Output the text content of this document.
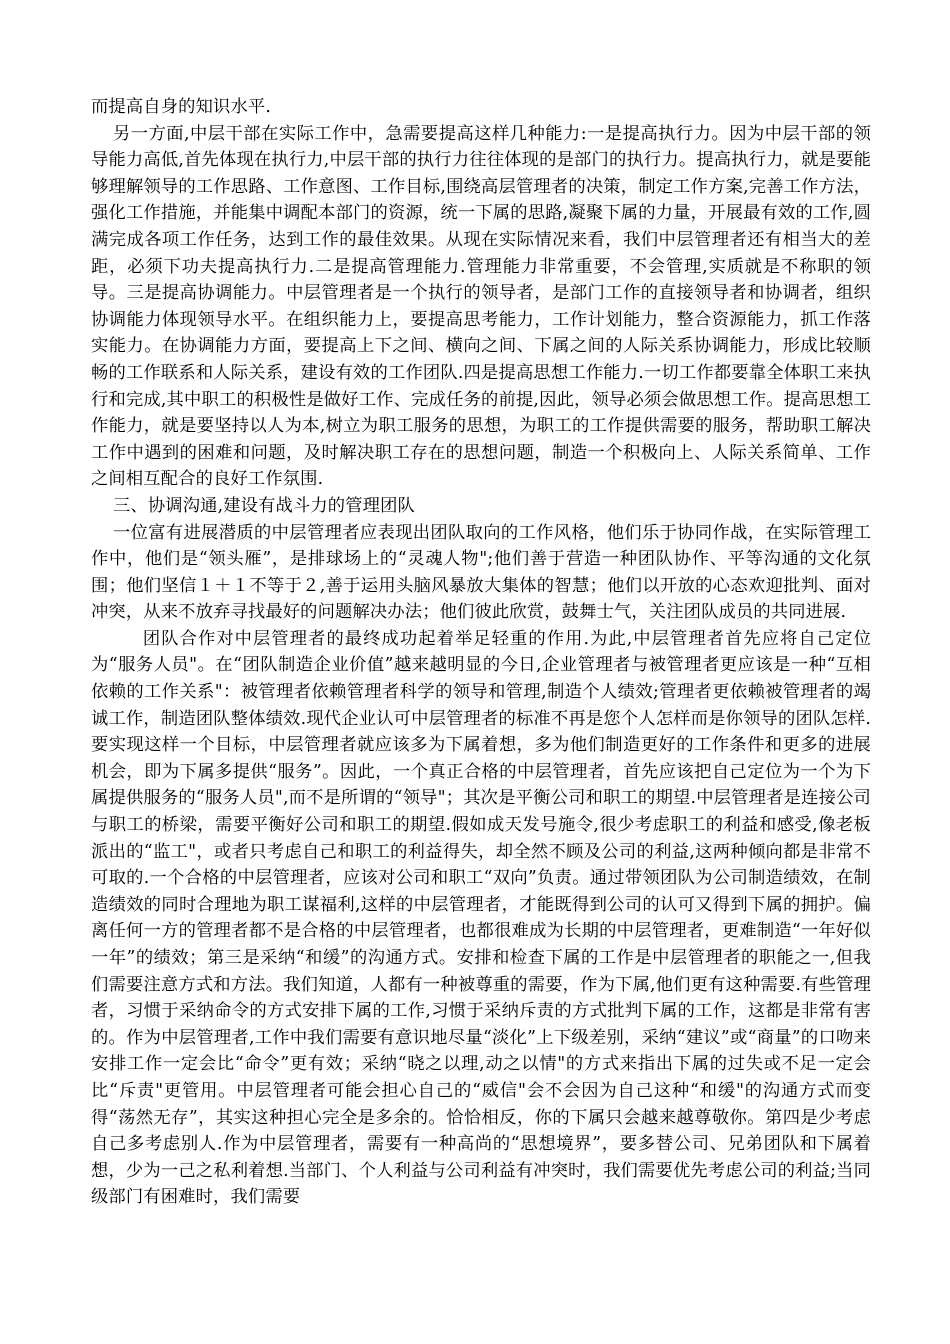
而提高自身的知识水平.

另一方面,中层干部在实际工作中，急需要提高这样几种能力:一是提高执行力。因为中层干部的领导能力高低,首先体现在执行力,中层干部的执行力往往体现的是部门的执行力。提高执行力，就是要能够理解领导的工作思路、工作意图、工作目标,围绕高层管理者的决策，制定工作方案,完善工作方法，强化工作措施，并能集中调配本部门的资源，统一下属的思路,凝聚下属的力量，开展最有效的工作,圆满完成各项工作任务，达到工作的最佳效果。从现在实际情况来看，我们中层管理者还有相当大的差距，必须下功夫提高执行力.二是提高管理能力.管理能力非常重要，不会管理,实质就是不称职的领导。三是提高协调能力。中层管理者是一个执行的领导者，是部门工作的直接领导者和协调者，组织协调能力体现领导水平。在组织能力上，要提高思考能力，工作计划能力，整合资源能力，抓工作落实能力。在协调能力方面，要提高上下之间、横向之间、下属之间的人际关系协调能力，形成比较顺畅的工作联系和人际关系，建设有效的工作团队.四是提高思想工作能力.一切工作都要靠全体职工来执行和完成,其中职工的积极性是做好工作、完成任务的前提,因此，领导必须会做思想工作。提高思想工作能力，就是要坚持以人为本,树立为职工服务的思想，为职工的工作提供需要的服务，帮助职工解决工作中遇到的困难和问题，及时解决职工存在的思想问题，制造一个积极向上、人际关系简单、工作之间相互配合的良好工作氛围.

三、协调沟通,建设有战斗力的管理团队

一位富有进展潜质的中层管理者应表现出团队取向的工作风格，他们乐于协同作战，在实际管理工作中，他们是“领头雁”，是排球场上的“灵魂人物";他们善于营造一种团队协作、平等沟通的文化氛围；他们坚信１＋１不等于２,善于运用头脑风暴放大集体的智慧；他们以开放的心态欢迎批判、面对冲突，从来不放弃寻找最好的问题解决办法；他们彼此欣赏，鼓舞士气，关注团队成员的共同进展.

团队合作对中层管理者的最终成功起着举足轻重的作用.为此,中层管理者首先应将自己定位为“服务人员"。在“团队制造企业价值”越来越明显的今日,企业管理者与被管理者更应该是一种“互相依赖的工作关系"：被管理者依赖管理者科学的领导和管理,制造个人绩效;管理者更依赖被管理者的竭诚工作，制造团队整体绩效.现代企业认可中层管理者的标准不再是您个人怎样而是你领导的团队怎样.要实现这样一个目标，中层管理者就应该多为下属着想，多为他们制造更好的工作条件和更多的进展机会，即为下属多提供“服务”。因此，一个真正合格的中层管理者，首先应该把自己定位为一个为下属提供服务的“服务人员",而不是所谓的“领导"；其次是平衡公司和职工的期望.中层管理者是连接公司与职工的桥梁，需要平衡好公司和职工的期望.假如成天发号施令,很少考虑职工的利益和感受,像老板派出的“监工"，或者只考虑自己和职工的利益得失，却全然不顾及公司的利益,这两种倾向都是非常不可取的.一个合格的中层管理者，应该对公司和职工“双向”负责。通过带领团队为公司制造绩效，在制造绩效的同时合理地为职工谋福利,这样的中层管理者，才能既得到公司的认可又得到下属的拥护。偏离任何一方的管理者都不是合格的中层管理者，也都很难成为长期的中层管理者，更难制造“一年好似一年”的绩效；第三是采纳“和缓”的沟通方式。安排和检查下属的工作是中层管理者的职能之一,但我们需要注意方式和方法。我们知道，人都有一种被尊重的需要，作为下属,他们更有这种需要.有些管理者，习惯于采纳命令的方式安排下属的工作,习惯于采纳斥责的方式批判下属的工作，这都是非常有害的。作为中层管理者,工作中我们需要有意识地尽量“淡化”上下级差别，采纳“建议”或“商量”的口吻来安排工作一定会比“命令”更有效；采纳“晓之以理,动之以情"的方式来指出下属的过失或不足一定会比“斥责"更管用。中层管理者可能会担心自己的“威信"会不会因为自己这种“和缓"的沟通方式而变得“荡然无存”，其实这种担心完全是多余的。恰恰相反，你的下属只会越来越尊敬你。第四是少考虑自己多考虑别人.作为中层管理者，需要有一种高尚的“思想境界”，要多替公司、兄弟团队和下属着想，少为一己之私利着想.当部门、个人利益与公司利益有冲突时，我们需要优先考虑公司的利益;当同级部门有困难时，我们需要
